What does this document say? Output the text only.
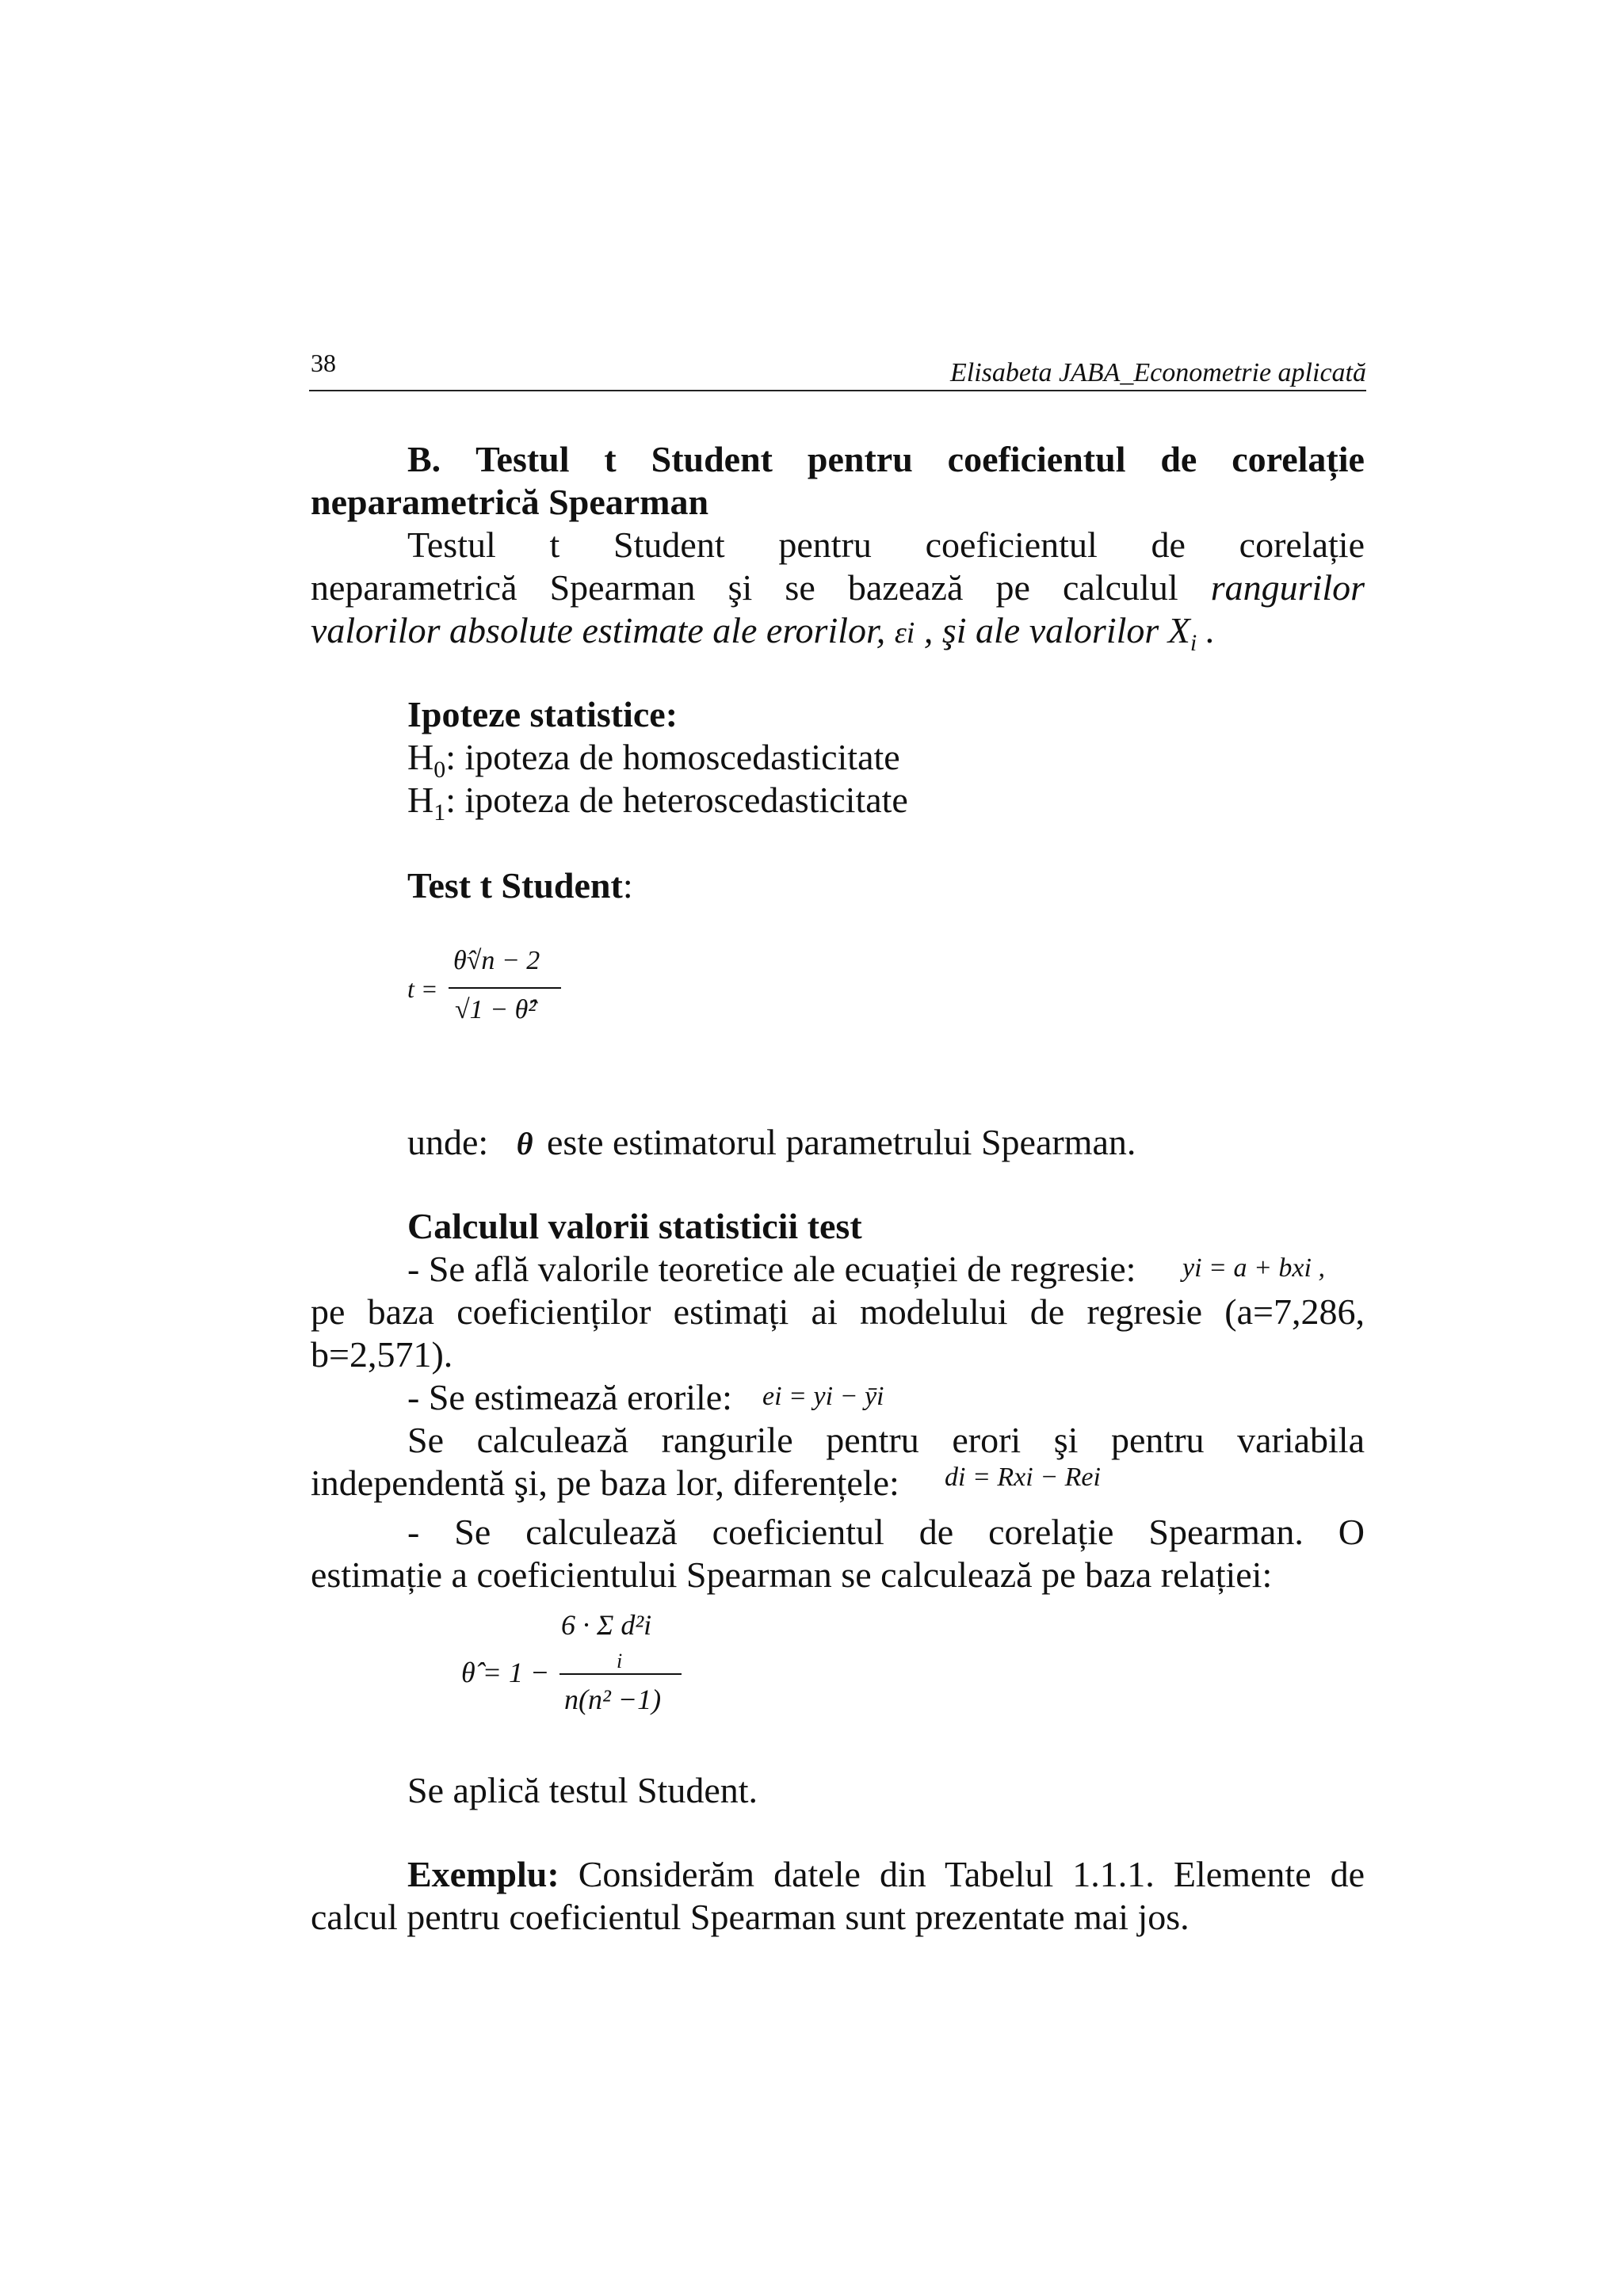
38	Elisabeta JABA_Econometrie aplicată
B. Testul t Student pentru coeficientul de corelație
neparametrică Spearman
Testul t Student pentru coeficientul de corelație
neparametrică Spearman şi se bazează pe calculul rangurilor
valorilor absolute estimate ale erorilor, εi , şi ale valorilor $X_i$ .
Ipoteze statistice:
$H_0$: ipoteza de homoscedasticitate
$H_1$: ipoteza de heteroscedasticitate
Test t Student:
t =
θ̂√n − 2
√1 − θ̂²
unde: θ este estimatorul parametrului Spearman.
Calculul valorii statisticii test
- Se află valorile teoretice ale ecuației de regresie: yi = a + bxi ,
pe baza coeficienților estimați ai modelului de regresie (a=7,286,
b=2,571).
- Se estimează erorile: ei = yi − ȳi
Se calculează rangurile pentru erori şi pentru variabila
independentă şi, pe baza lor, diferențele: di = Rxi − Rei
- Se calculează coeficientul de corelație Spearman. O
estimație a coeficientului Spearman se calculează pe baza relației:
θ̂ = 1 −
6 · Σ d²i
i
n(n² −1)
Se aplică testul Student.
Exemplu: Considerăm datele din Tabelul 1.1.1. Elemente de
calcul pentru coeficientul Spearman sunt prezentate mai jos.
